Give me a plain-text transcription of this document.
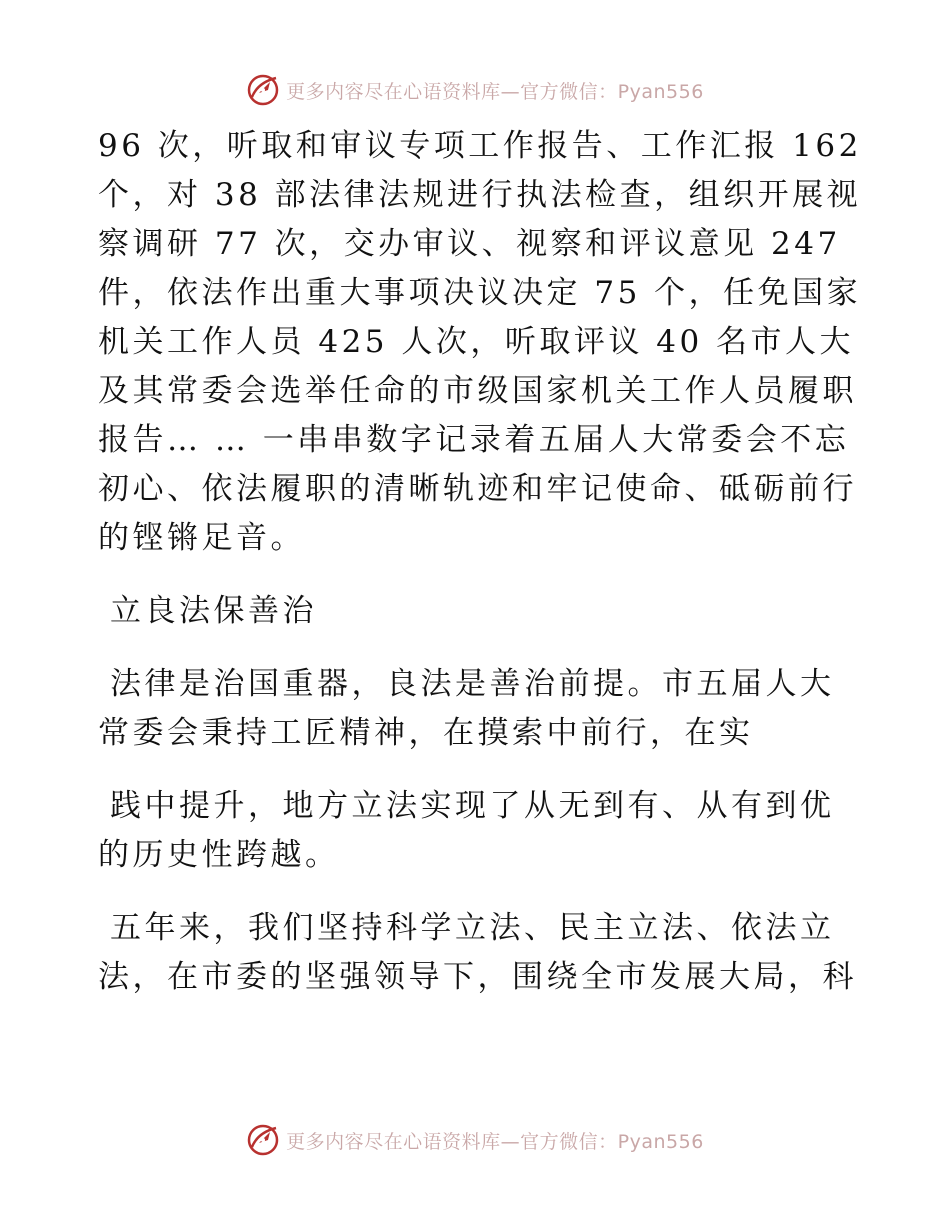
更多内容尽在心语资料库—官方微信：Pyan556
96 次，听取和审议专项工作报告、工作汇报 162
个，对 38 部法律法规进行执法检查，组织开展视
察调研 77 次，交办审议、视察和评议意见 247
件，依法作出重大事项决议决定 75 个，任免国家
机关工作人员 425 人次，听取评议 40 名市人大
及其常委会选举任命的市级国家机关工作人员履职
报告… … 一串串数字记录着五届人大常委会不忘
初心、依法履职的清晰轨迹和牢记使命、砥砺前行
的铿锵足音。
立良法保善治
法律是治国重器，良法是善治前提。市五届人大
常委会秉持工匠精神，在摸索中前行，在实
践中提升，地方立法实现了从无到有、从有到优
的历史性跨越。
五年来，我们坚持科学立法、民主立法、依法立
法，在市委的坚强领导下，围绕全市发展大局，科
更多内容尽在心语资料库—官方微信：Pyan556
